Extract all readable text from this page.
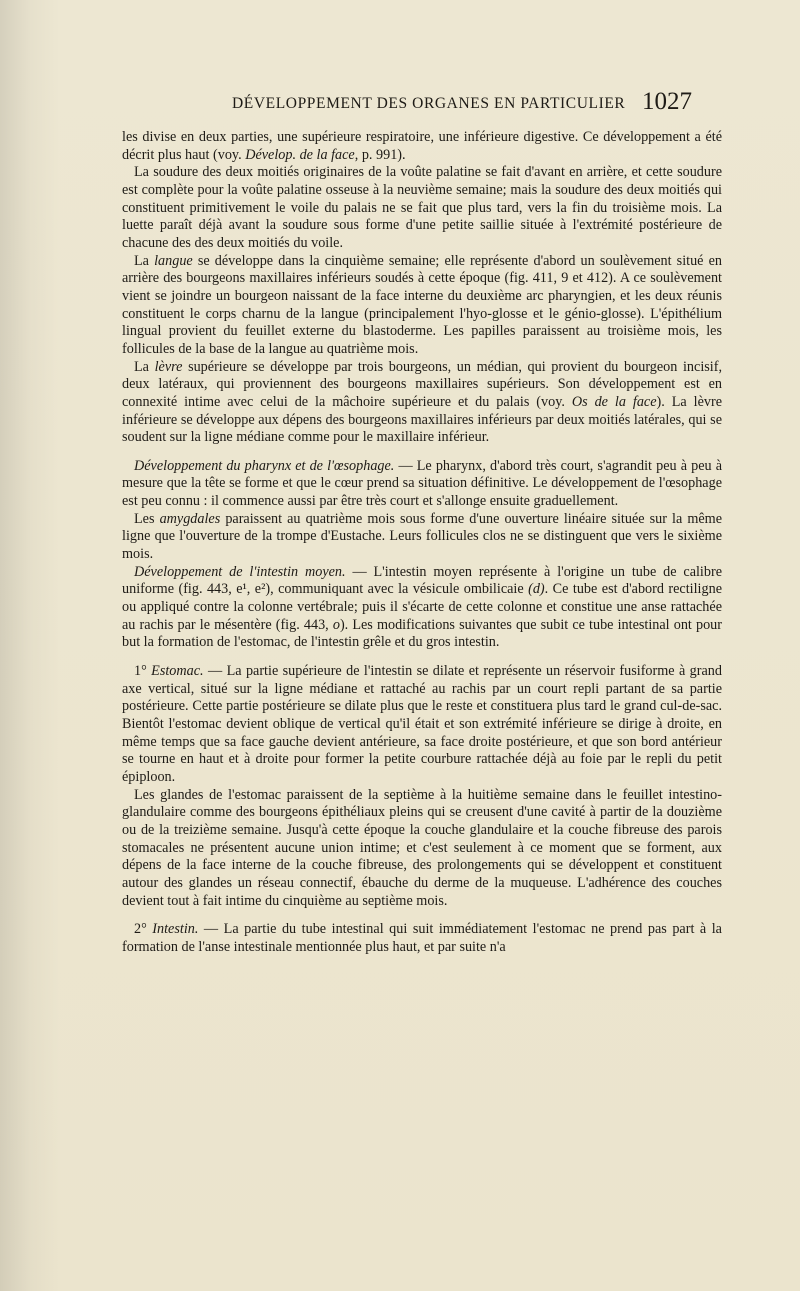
DÉVELOPPEMENT DES ORGANES EN PARTICULIER 1027

les divise en deux parties, une supérieure respiratoire, une inférieure digestive. Ce développement a été décrit plus haut (voy. Dévelop. de la face, p. 991).

La soudure des deux moitiés originaires de la voûte palatine se fait d'avant en arrière, et cette soudure est complète pour la voûte palatine osseuse à la neuvième semaine; mais la soudure des deux moitiés qui constituent primitivement le voile du palais ne se fait que plus tard, vers la fin du troisième mois. La luette paraît déjà avant la soudure sous forme d'une petite saillie située à l'extrémité postérieure de chacune des des deux moitiés du voile.

La langue se développe dans la cinquième semaine; elle représente d'abord un soulèvement situé en arrière des bourgeons maxillaires inférieurs soudés à cette époque (fig. 411, 9 et 412). A ce soulèvement vient se joindre un bourgeon naissant de la face interne du deuxième arc pharyngien, et les deux réunis constituent le corps charnu de la langue (principalement l'hyo-glosse et le génio-glosse). L'épithélium lingual provient du feuillet externe du blastoderme. Les papilles paraissent au troisième mois, les follicules de la base de la langue au quatrième mois.

La lèvre supérieure se développe par trois bourgeons, un médian, qui provient du bourgeon incisif, deux latéraux, qui proviennent des bourgeons maxillaires supérieurs. Son développement est en connexité intime avec celui de la mâchoire supérieure et du palais (voy. Os de la face). La lèvre inférieure se développe aux dépens des bourgeons maxillaires inférieurs par deux moitiés latérales, qui se soudent sur la ligne médiane comme pour le maxillaire inférieur.

Développement du pharynx et de l'œsophage. — Le pharynx, d'abord très court, s'agrandit peu à peu à mesure que la tête se forme et que le cœur prend sa situation définitive. Le développement de l'œsophage est peu connu : il commence aussi par être très court et s'allonge ensuite graduellement.

Les amygdales paraissent au quatrième mois sous forme d'une ouverture linéaire située sur la même ligne que l'ouverture de la trompe d'Eustache. Leurs follicules clos ne se distinguent que vers le sixième mois.

Développement de l'intestin moyen. — L'intestin moyen représente à l'origine un tube de calibre uniforme (fig. 443, e¹, e²), communiquant avec la vésicule ombilicaie (d). Ce tube est d'abord rectiligne ou appliqué contre la colonne vertébrale; puis il s'écarte de cette colonne et constitue une anse rattachée au rachis par le mésentère (fig. 443, o). Les modifications suivantes que subit ce tube intestinal ont pour but la formation de l'estomac, de l'intestin grêle et du gros intestin.

1° Estomac. — La partie supérieure de l'intestin se dilate et représente un réservoir fusiforme à grand axe vertical, situé sur la ligne médiane et rattaché au rachis par un court repli partant de sa partie postérieure. Cette partie postérieure se dilate plus que le reste et constituera plus tard le grand cul-de-sac. Bientôt l'estomac devient oblique de vertical qu'il était et son extrémité inférieure se dirige à droite, en même temps que sa face gauche devient antérieure, sa face droite postérieure, et que son bord antérieur se tourne en haut et à droite pour former la petite courbure rattachée déjà au foie par le repli du petit épiploon.

Les glandes de l'estomac paraissent de la septième à la huitième semaine dans le feuillet intestino-glandulaire comme des bourgeons épithéliaux pleins qui se creusent d'une cavité à partir de la douzième ou de la treizième semaine. Jusqu'à cette époque la couche glandulaire et la couche fibreuse des parois stomacales ne présentent aucune union intime; et c'est seulement à ce moment que se forment, aux dépens de la face interne de la couche fibreuse, des prolongements qui se développent et constituent autour des glandes un réseau connectif, ébauche du derme de la muqueuse. L'adhérence des couches devient tout à fait intime du cinquième au septième mois.

2° Intestin. — La partie du tube intestinal qui suit immédiatement l'estomac ne prend pas part à la formation de l'anse intestinale mentionnée plus haut, et par suite n'a
